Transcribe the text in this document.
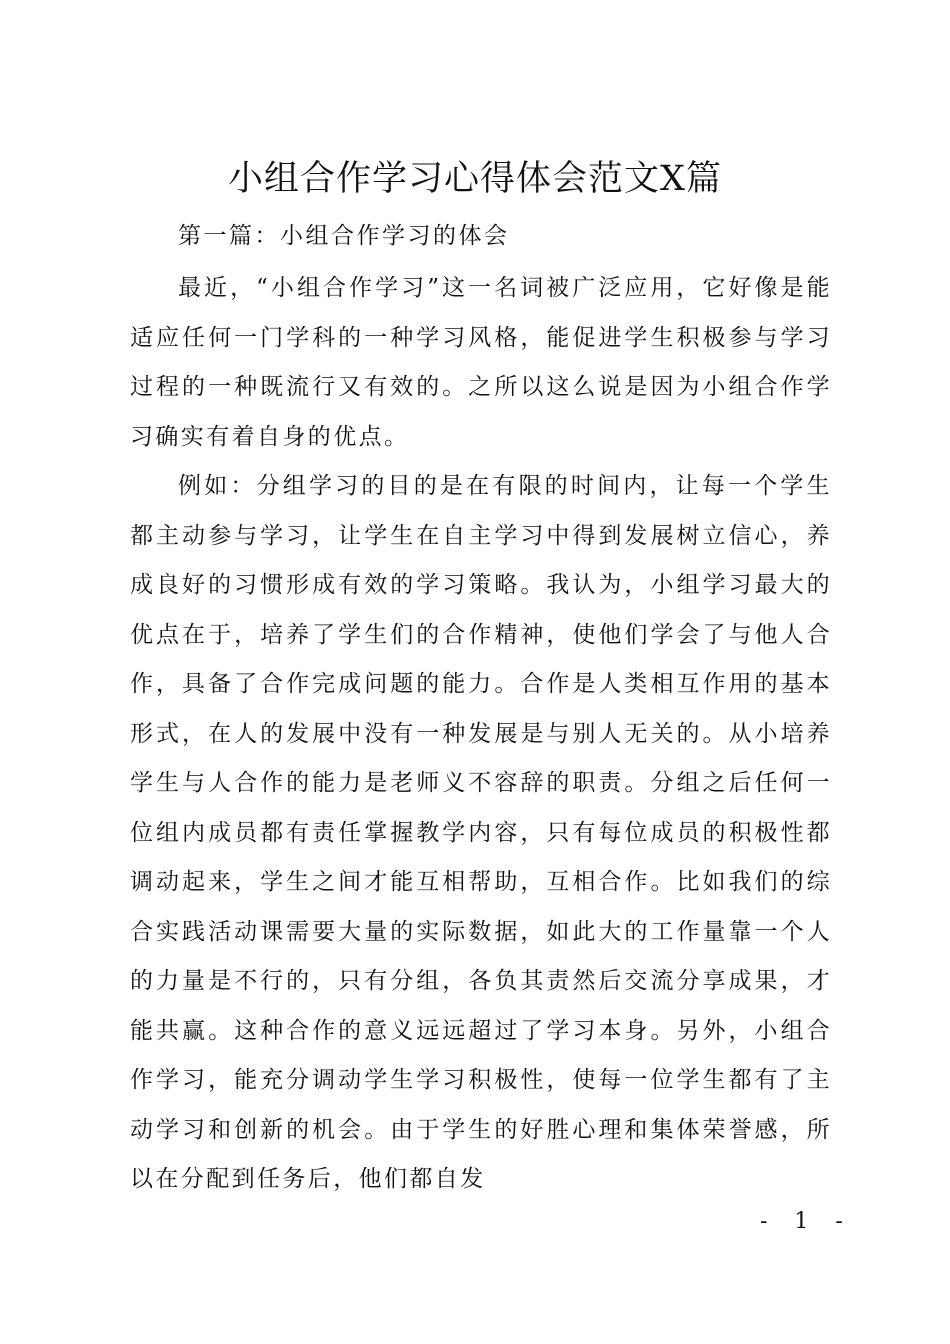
小组合作学习心得体会范文X篇

第一篇：小组合作学习的体会

最近，“小组合作学习”这一名词被广泛应用，它好像是能适应任何一门学科的一种学习风格，能促进学生积极参与学习过程的一种既流行又有效的。之所以这么说是因为小组合作学习确实有着自身的优点。

例如：分组学习的目的是在有限的时间内，让每一个学生都主动参与学习，让学生在自主学习中得到发展树立信心，养成良好的习惯形成有效的学习策略。我认为，小组学习最大的优点在于，培养了学生们的合作精神，使他们学会了与他人合作，具备了合作完成问题的能力。合作是人类相互作用的基本形式，在人的发展中没有一种发展是与别人无关的。从小培养学生与人合作的能力是老师义不容辞的职责。分组之后任何一位组内成员都有责任掌握教学内容，只有每位成员的积极性都调动起来，学生之间才能互相帮助，互相合作。比如我们的综合实践活动课需要大量的实际数据，如此大的工作量靠一个人的力量是不行的，只有分组，各负其责然后交流分享成果，才能共赢。这种合作的意义远远超过了学习本身。另外，小组合作学习，能充分调动学生学习积极性，使每一位学生都有了主动学习和创新的机会。由于学生的好胜心理和集体荣誉感，所以在分配到任务后，他们都自发

- 1 -
